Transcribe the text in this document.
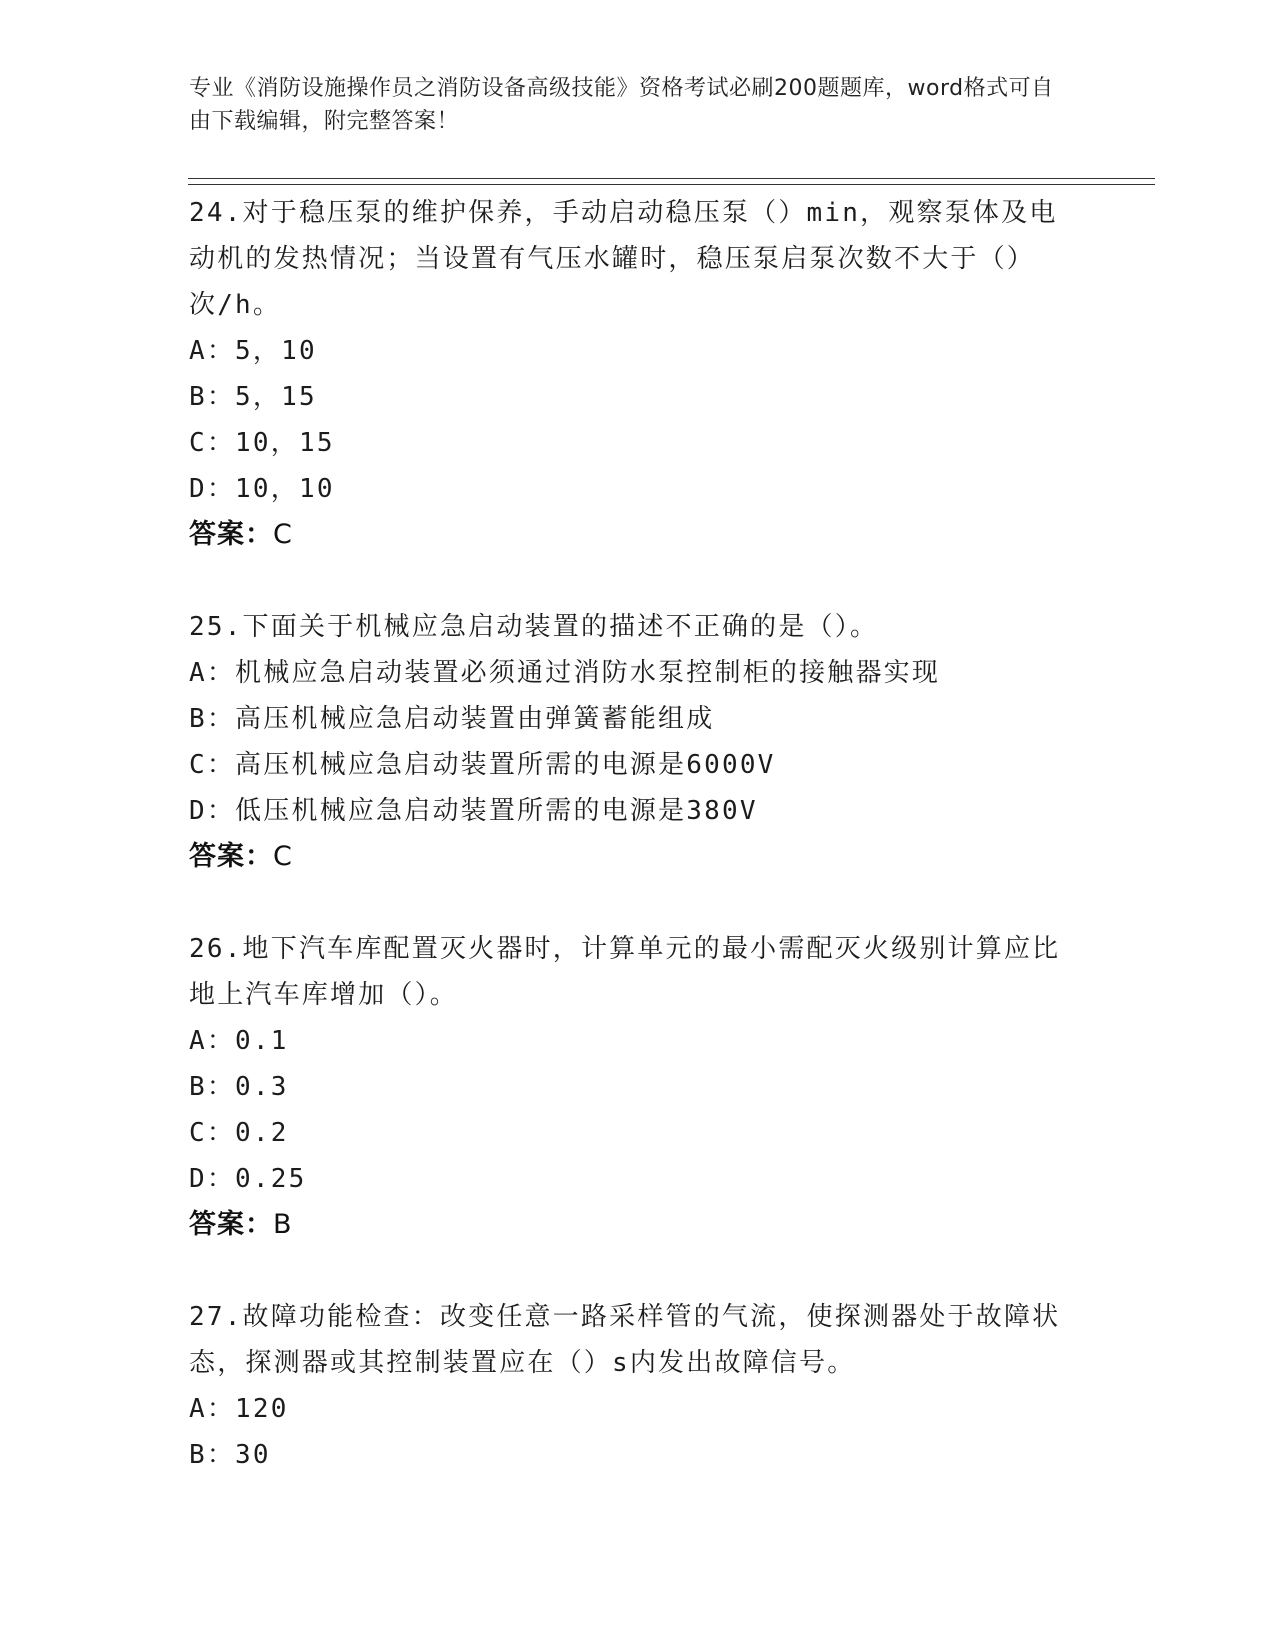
专业《消防设施操作员之消防设备高级技能》资格考试必刷200题题库，word格式可自由下载编辑，附完整答案！

24.对于稳压泵的维护保养，手动启动稳压泵（）min，观察泵体及电动机的发热情况；当设置有气压水罐时，稳压泵启泵次数不大于（）次/h。

A：5，10

B：5，15

C：10，15

D：10，10

答案：C

25.下面关于机械应急启动装置的描述不正确的是（）。

A：机械应急启动装置必须通过消防水泵控制柜的接触器实现

B：高压机械应急启动装置由弹簧蓄能组成

C：高压机械应急启动装置所需的电源是6000V

D：低压机械应急启动装置所需的电源是380V

答案：C

26.地下汽车库配置灭火器时，计算单元的最小需配灭火级别计算应比地上汽车库增加（）。

A：0.1

B：0.3

C：0.2

D：0.25

答案：B

27.故障功能检查：改变任意一路采样管的气流，使探测器处于故障状态，探测器或其控制装置应在（）s内发出故障信号。

A：120

B：30
